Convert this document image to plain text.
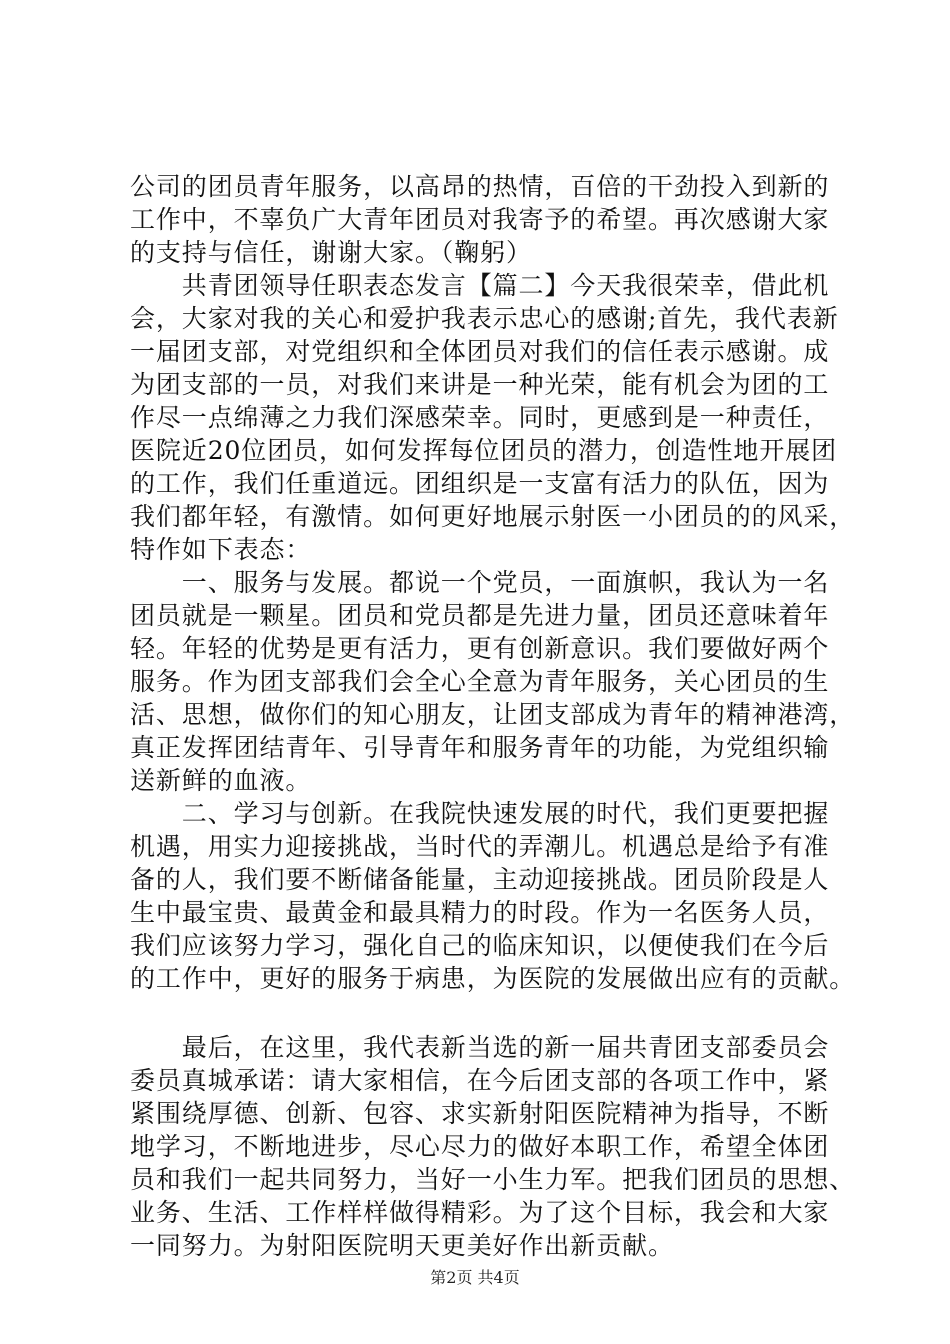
公司的团员青年服务，以高昂的热情，百倍的干劲投入到新的
工作中，不辜负广大青年团员对我寄予的希望。再次感谢大家
的支持与信任，谢谢大家。（鞠躬）
　　共青团领导任职表态发言【篇二】今天我很荣幸，借此机
会，大家对我的关心和爱护我表示忠心的感谢;首先，我代表新
一届团支部，对党组织和全体团员对我们的信任表示感谢。成
为团支部的一员，对我们来讲是一种光荣，能有机会为团的工
作尽一点绵薄之力我们深感荣幸。同时，更感到是一种责任，
医院近20位团员，如何发挥每位团员的潜力，创造性地开展团
的工作，我们任重道远。团组织是一支富有活力的队伍，因为
我们都年轻，有激情。如何更好地展示射医一小团员的的风采，
特作如下表态：
　　一、服务与发展。都说一个党员，一面旗帜，我认为一名
团员就是一颗星。团员和党员都是先进力量，团员还意味着年
轻。年轻的优势是更有活力，更有创新意识。我们要做好两个
服务。作为团支部我们会全心全意为青年服务，关心团员的生
活、思想，做你们的知心朋友，让团支部成为青年的精神港湾，
真正发挥团结青年、引导青年和服务青年的功能，为党组织输
送新鲜的血液。
　　二、学习与创新。在我院快速发展的时代，我们更要把握
机遇，用实力迎接挑战，当时代的弄潮儿。机遇总是给予有准
备的人，我们要不断储备能量，主动迎接挑战。团员阶段是人
生中最宝贵、最黄金和最具精力的时段。作为一名医务人员，
我们应该努力学习，强化自己的临床知识，以便使我们在今后
的工作中，更好的服务于病患，为医院的发展做出应有的贡献。
　　最后，在这里，我代表新当选的新一届共青团支部委员会
委员真城承诺：请大家相信，在今后团支部的各项工作中，紧
紧围绕厚德、创新、包容、求实新射阳医院精神为指导，不断
地学习，不断地进步，尽心尽力的做好本职工作，希望全体团
员和我们一起共同努力，当好一小生力军。把我们团员的思想、
业务、生活、工作样样做得精彩。为了这个目标，我会和大家
一同努力。为射阳医院明天更美好作出新贡献。
第2页 共4页
